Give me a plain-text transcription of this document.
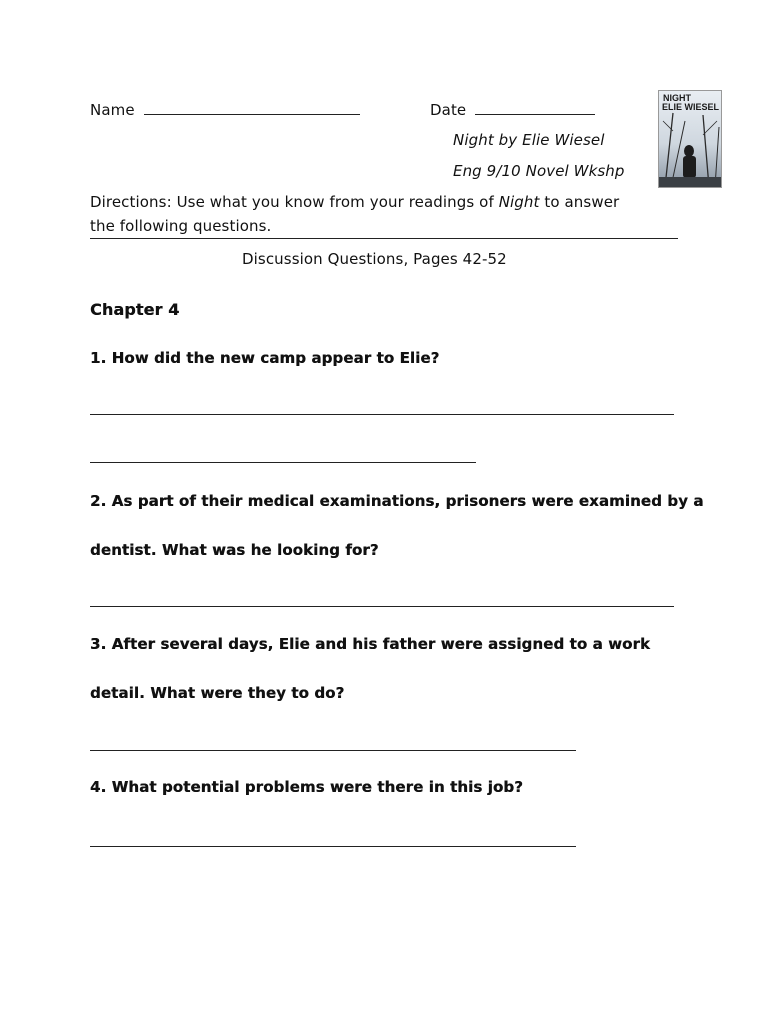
Name	Date
Night by Elie Wiesel
Eng 9/10 Novel Wkshp
NIGHT
ELIE WIESEL
Directions: Use what you know from your readings of Night to answer
the following questions.
Discussion Questions, Pages 42-52
Chapter 4
1. How did the new camp appear to Elie?
2. As part of their medical examinations, prisoners were examined by a
dentist. What was he looking for?
3. After several days, Elie and his father were assigned to a work
detail. What were they to do?
4. What potential problems were there in this job?
